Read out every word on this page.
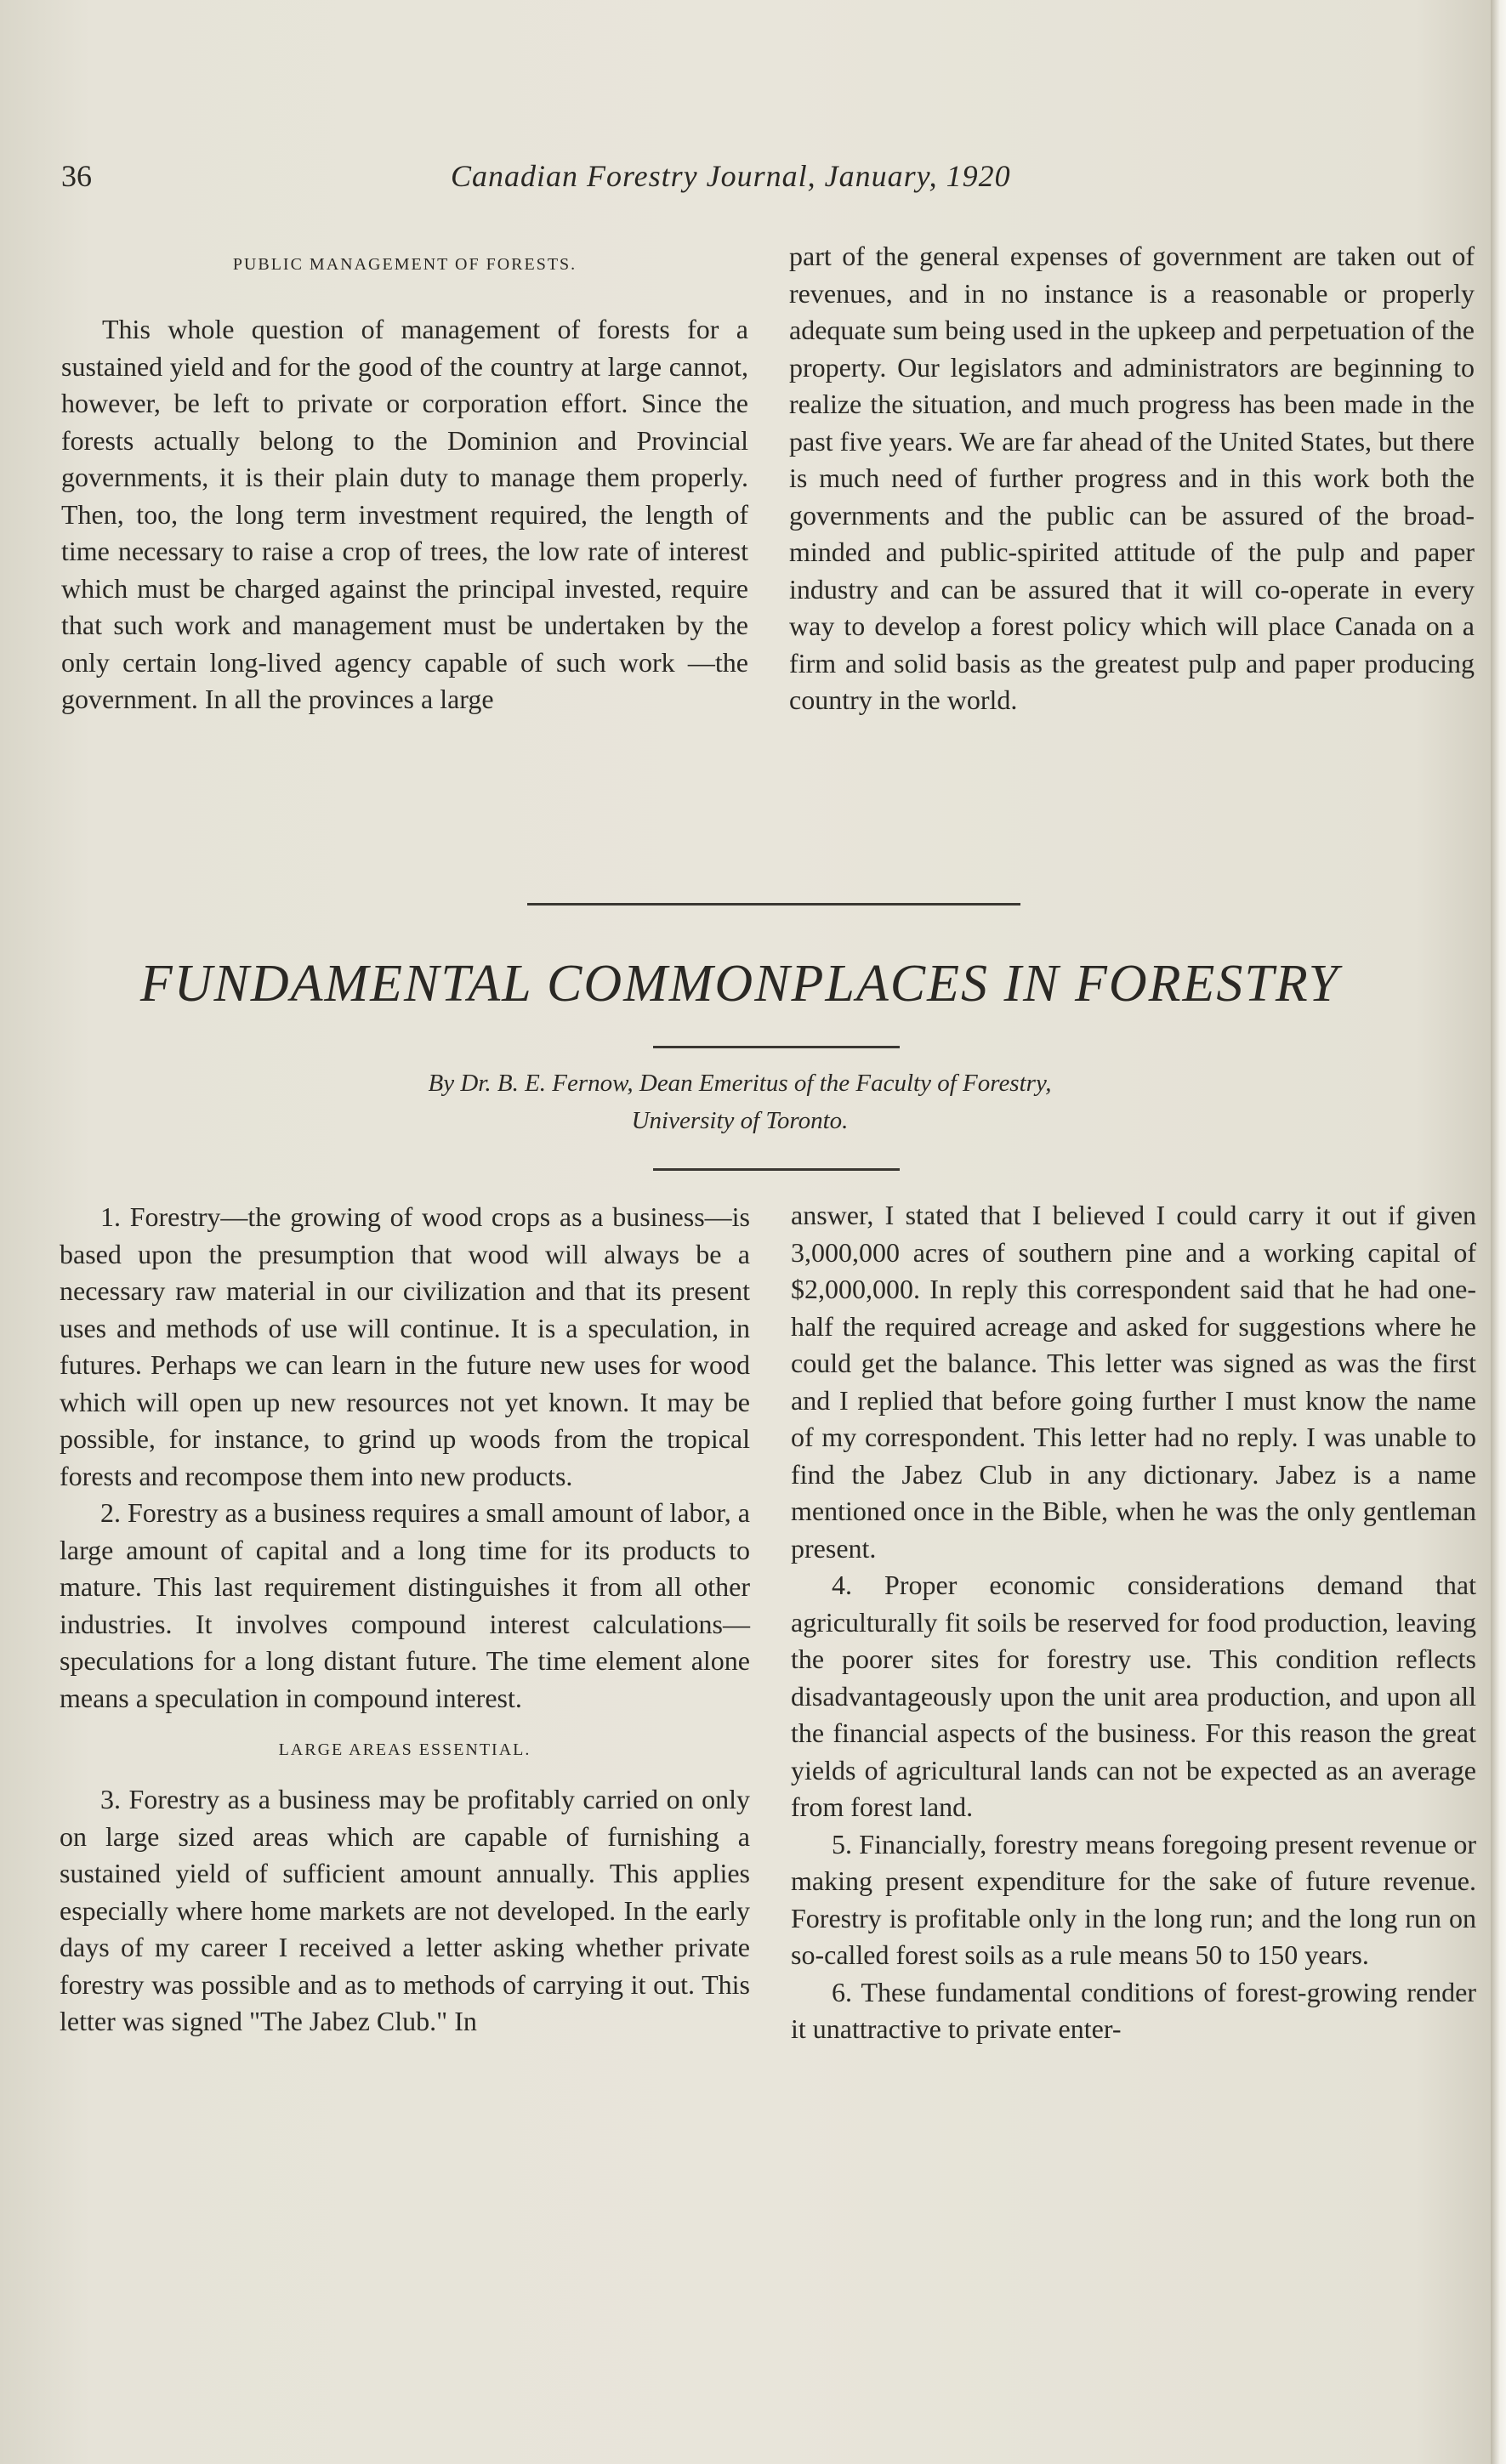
36	Canadian Forestry Journal, January, 1920
PUBLIC MANAGEMENT OF FORESTS.

This whole question of management of forests for a sustained yield and for the good of the country at large cannot, however, be left to private or corporation effort. Since the forests actually belong to the Dominion and Provincial governments, it is their plain duty to manage them properly. Then, too, the long term investment required, the length of time necessary to raise a crop of trees, the low rate of interest which must be charged against the principal invested, require that such work and management must be undertaken by the only certain long-lived agency capable of such work —the government. In all the provinces a large

part of the general expenses of government are taken out of revenues, and in no instance is a reasonable or properly adequate sum being used in the upkeep and perpetuation of the property. Our legislators and administrators are beginning to realize the situation, and much progress has been made in the past five years. We are far ahead of the United States, but there is much need of further progress and in this work both the governments and the public can be assured of the broad-minded and public-spirited attitude of the pulp and paper industry and can be assured that it will co-operate in every way to develop a forest policy which will place Canada on a firm and solid basis as the greatest pulp and paper producing country in the world.

FUNDAMENTAL COMMONPLACES IN FORESTRY
By Dr. B. E. Fernow, Dean Emeritus of the Faculty of Forestry,
University of Toronto.

1. Forestry—the growing of wood crops as a business—is based upon the presumption that wood will always be a necessary raw material in our civilization and that its present uses and methods of use will continue. It is a speculation, in futures. Perhaps we can learn in the future new uses for wood which will open up new resources not yet known. It may be possible, for instance, to grind up woods from the tropical forests and recompose them into new products.

2. Forestry as a business requires a small amount of labor, a large amount of capital and a long time for its products to mature. This last requirement distinguishes it from all other industries. It involves compound interest calculations—speculations for a long distant future. The time element alone means a speculation in compound interest.

LARGE AREAS ESSENTIAL.

3. Forestry as a business may be profitably carried on only on large sized areas which are capable of furnishing a sustained yield of sufficient amount annually. This applies especially where home markets are not developed. In the early days of my career I received a letter asking whether private forestry was possible and as to methods of carrying it out. This letter was signed "The Jabez Club." In

answer, I stated that I believed I could carry it out if given 3,000,000 acres of southern pine and a working capital of $2,000,000. In reply this correspondent said that he had one-half the required acreage and asked for suggestions where he could get the balance. This letter was signed as was the first and I replied that before going further I must know the name of my correspondent. This letter had no reply. I was unable to find the Jabez Club in any dictionary. Jabez is a name mentioned once in the Bible, when he was the only gentleman present.

4. Proper economic considerations demand that agriculturally fit soils be reserved for food production, leaving the poorer sites for forestry use. This condition reflects disadvantageously upon the unit area production, and upon all the financial aspects of the business. For this reason the great yields of agricultural lands can not be expected as an average from forest land.

5. Financially, forestry means foregoing present revenue or making present expenditure for the sake of future revenue. Forestry is profitable only in the long run; and the long run on so-called forest soils as a rule means 50 to 150 years.

6. These fundamental conditions of forest-growing render it unattractive to private enter-
